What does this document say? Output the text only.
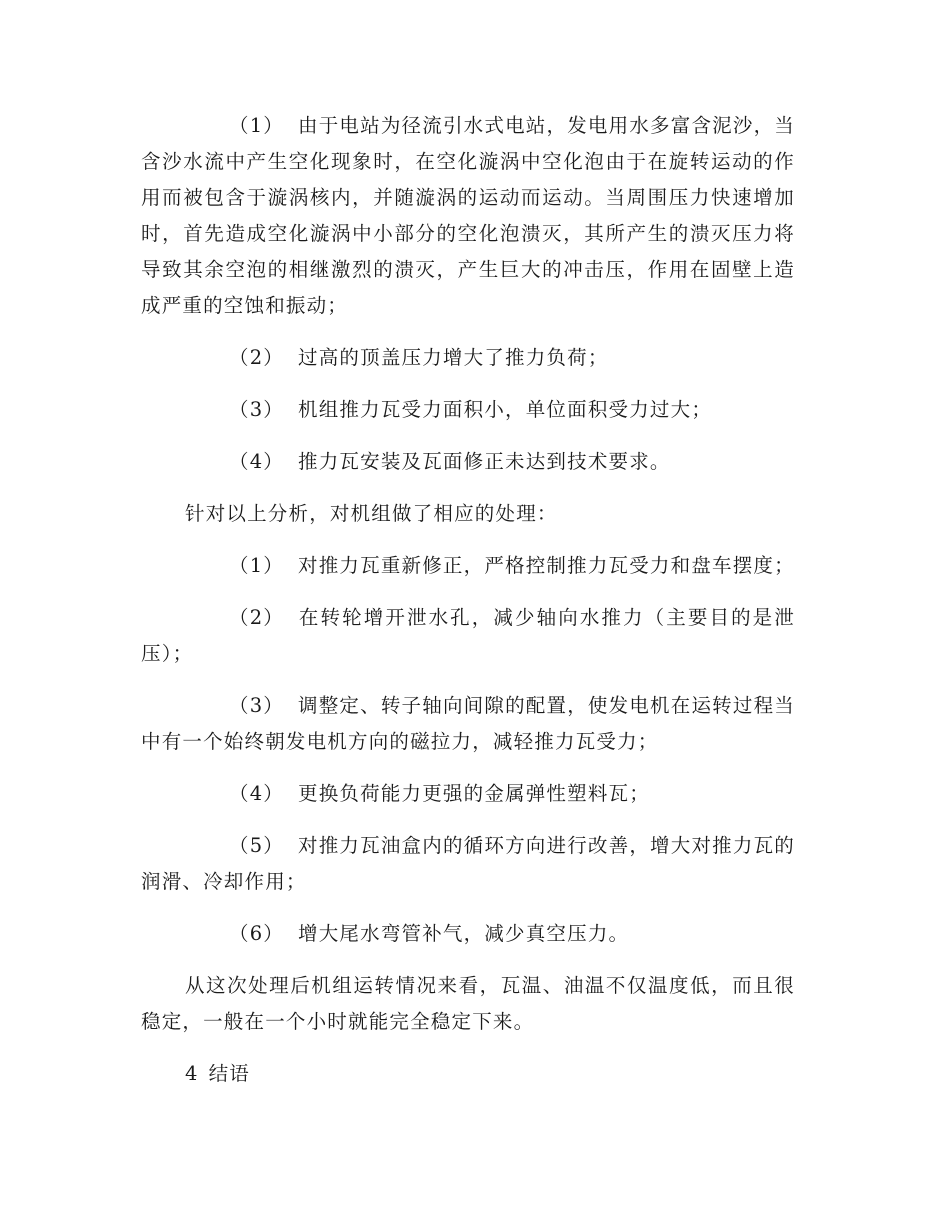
（1） 由于电站为径流引水式电站，发电用水多富含泥沙，当含沙水流中产生空化现象时，在空化漩涡中空化泡由于在旋转运动的作用而被包含于漩涡核内，并随漩涡的运动而运动。当周围压力快速增加时，首先造成空化漩涡中小部分的空化泡溃灭，其所产生的溃灭压力将导致其余空泡的相继激烈的溃灭，产生巨大的冲击压，作用在固壁上造成严重的空蚀和振动；

（2） 过高的顶盖压力增大了推力负荷；

（3） 机组推力瓦受力面积小，单位面积受力过大；

（4） 推力瓦安装及瓦面修正未达到技术要求。

针对以上分析，对机组做了相应的处理：

（1） 对推力瓦重新修正，严格控制推力瓦受力和盘车摆度；

（2） 在转轮增开泄水孔，减少轴向水推力（主要目的是泄压）；

（3） 调整定、转子轴向间隙的配置，使发电机在运转过程当中有一个始终朝发电机方向的磁拉力，减轻推力瓦受力；

（4） 更换负荷能力更强的金属弹性塑料瓦；

（5） 对推力瓦油盒内的循环方向进行改善，增大对推力瓦的润滑、冷却作用；

（6） 增大尾水弯管补气，减少真空压力。

从这次处理后机组运转情况来看，瓦温、油温不仅温度低，而且很稳定，一般在一个小时就能完全稳定下来。

4 结语
